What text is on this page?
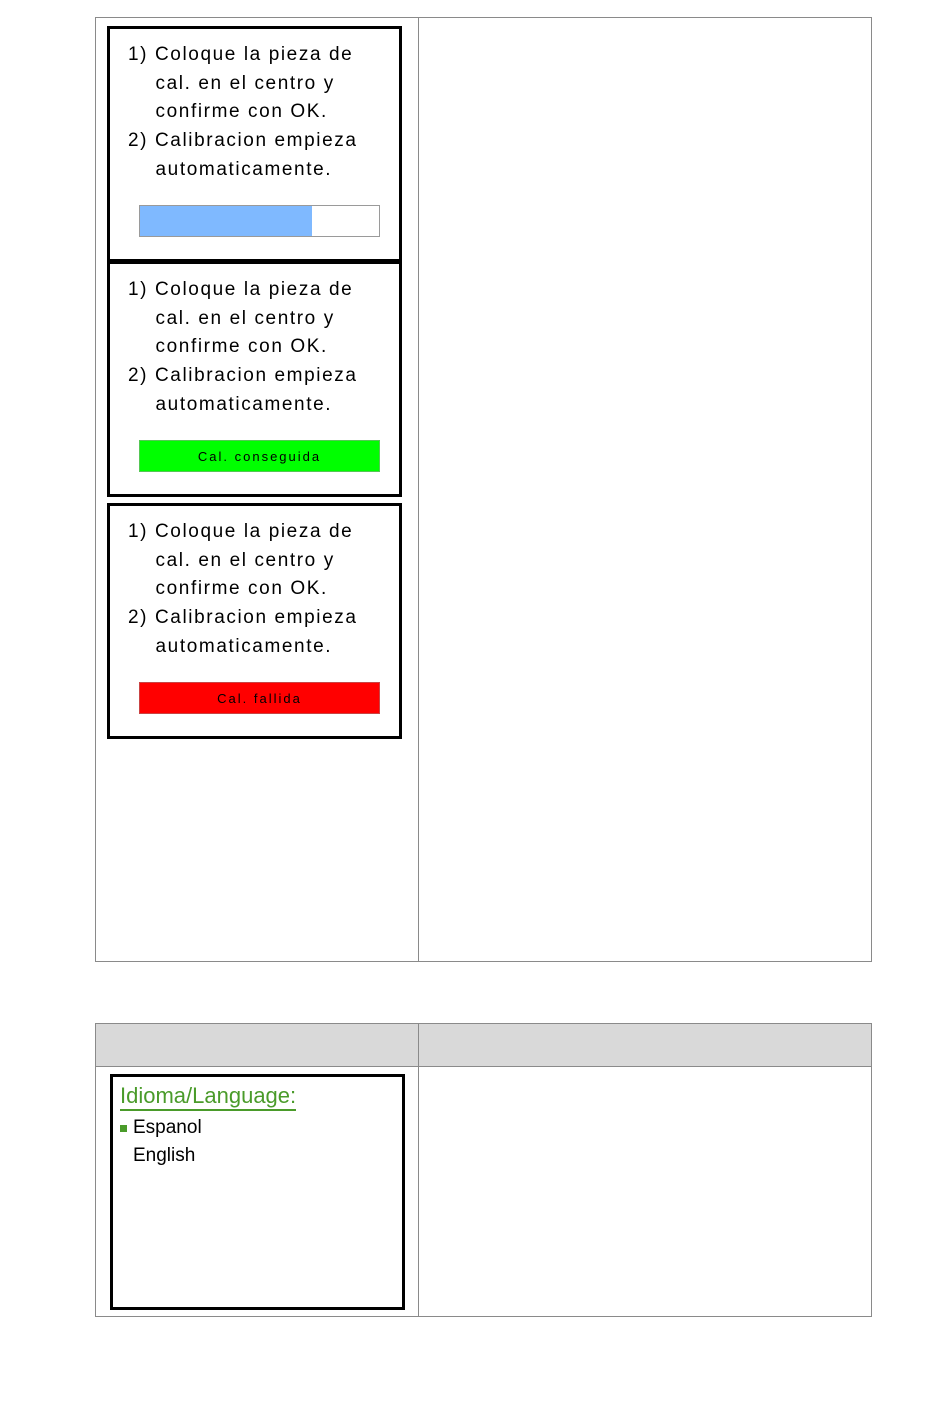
1) Coloque la pieza de
cal. en el centro y
confirme con OK.
2) Calibracion empieza
automaticamente.
1) Coloque la pieza de
cal. en el centro y
confirme con OK.
2) Calibracion empieza
automaticamente.
Cal. conseguida
1) Coloque la pieza de
cal. en el centro y
confirme con OK.
2) Calibracion empieza
automaticamente.
Cal. fallida
Idioma/Language:
Espanol
English
